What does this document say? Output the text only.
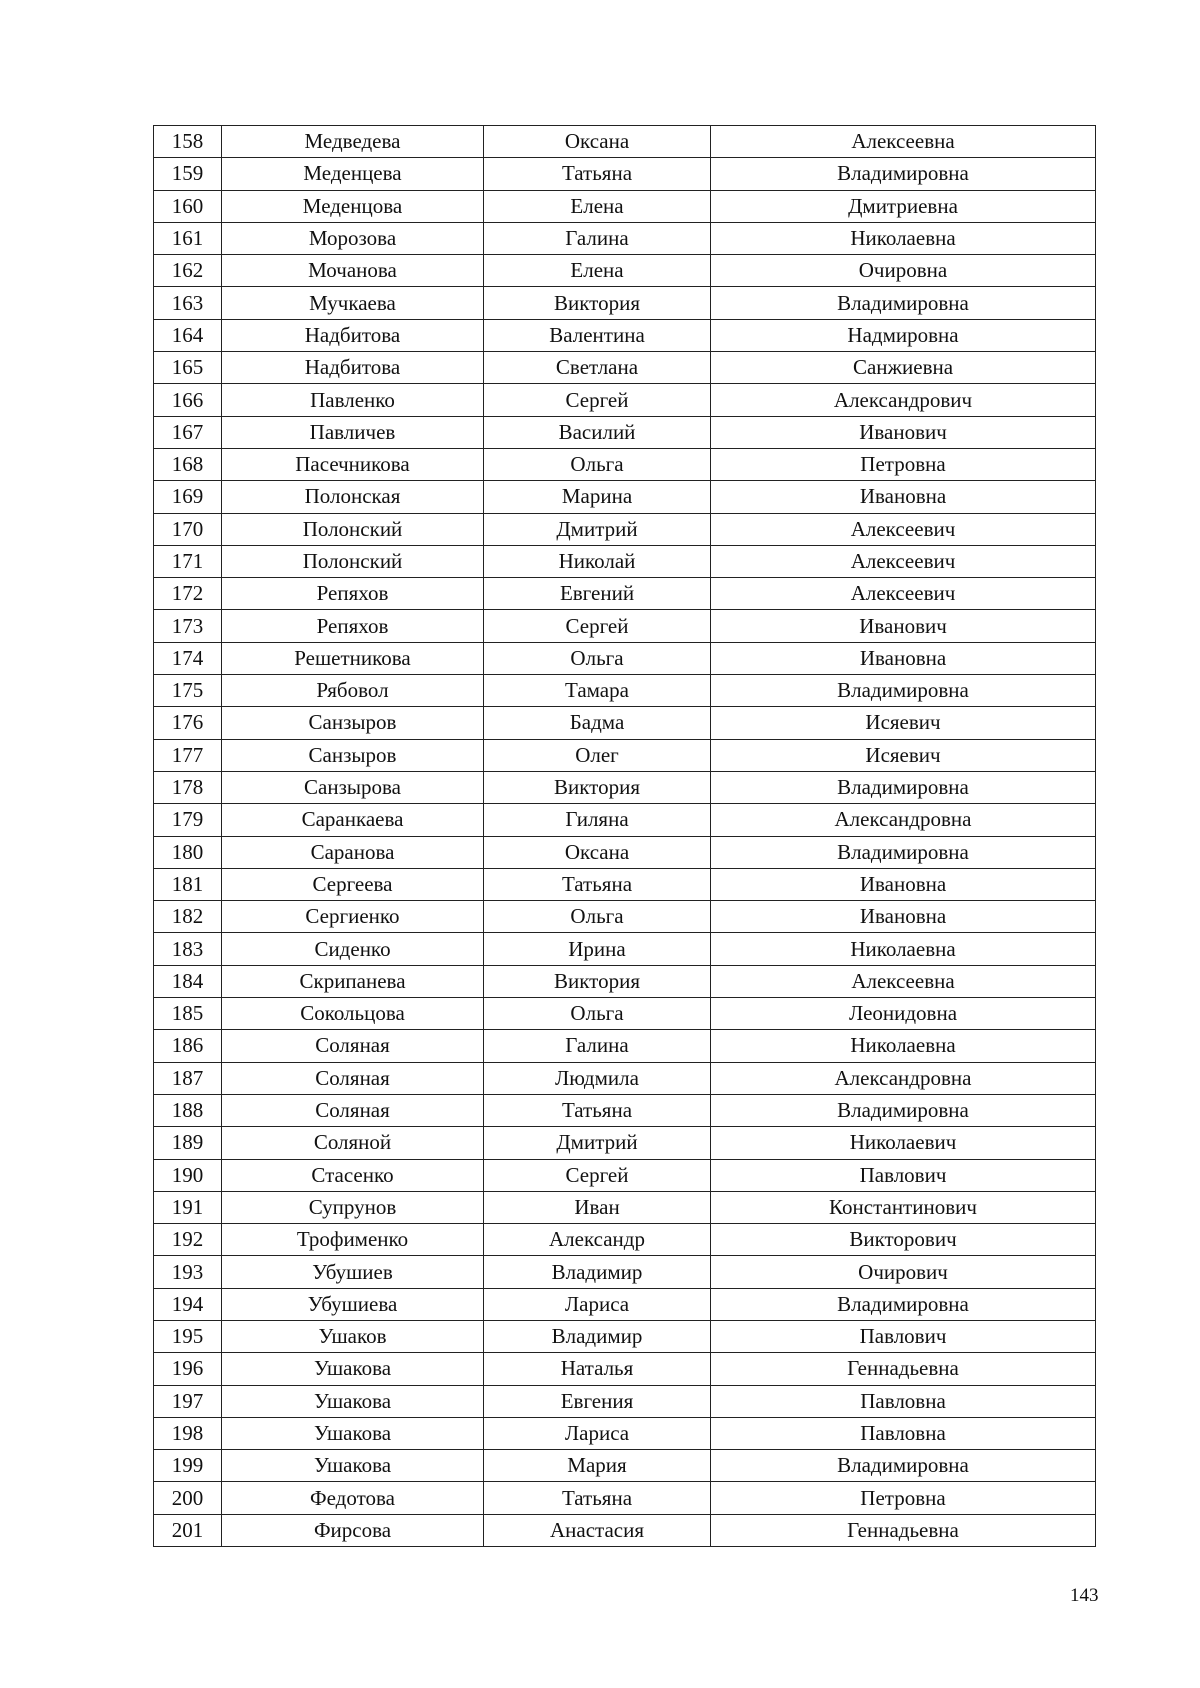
158	Медведева	Оксана	Алексеевна
159	Меденцева	Татьяна	Владимировна
160	Меденцова	Елена	Дмитриевна
161	Морозова	Галина	Николаевна
162	Мочанова	Елена	Очировна
163	Мучкаева	Виктория	Владимировна
164	Надбитова	Валентина	Надмировна
165	Надбитова	Светлана	Санжиевна
166	Павленко	Сергей	Александрович
167	Павличев	Василий	Иванович
168	Пасечникова	Ольга	Петровна
169	Полонская	Марина	Ивановна
170	Полонский	Дмитрий	Алексеевич
171	Полонский	Николай	Алексеевич
172	Репяхов	Евгений	Алексеевич
173	Репяхов	Сергей	Иванович
174	Решетникова	Ольга	Ивановна
175	Рябовол	Тамара	Владимировна
176	Санзыров	Бадма	Исяевич
177	Санзыров	Олег	Исяевич
178	Санзырова	Виктория	Владимировна
179	Саранкаева	Гиляна	Александровна
180	Саранова	Оксана	Владимировна
181	Сергеева	Татьяна	Ивановна
182	Сергиенко	Ольга	Ивановна
183	Сиденко	Ирина	Николаевна
184	Скрипанева	Виктория	Алексеевна
185	Сокольцова	Ольга	Леонидовна
186	Соляная	Галина	Николаевна
187	Соляная	Людмила	Александровна
188	Соляная	Татьяна	Владимировна
189	Соляной	Дмитрий	Николаевич
190	Стасенко	Сергей	Павлович
191	Супрунов	Иван	Константинович
192	Трофименко	Александр	Викторович
193	Убушиев	Владимир	Очирович
194	Убушиева	Лариса	Владимировна
195	Ушаков	Владимир	Павлович
196	Ушакова	Наталья	Геннадьевна
197	Ушакова	Евгения	Павловна
198	Ушакова	Лариса	Павловна
199	Ушакова	Мария	Владимировна
200	Федотова	Татьяна	Петровна
201	Фирсова	Анастасия	Геннадьевна
143
